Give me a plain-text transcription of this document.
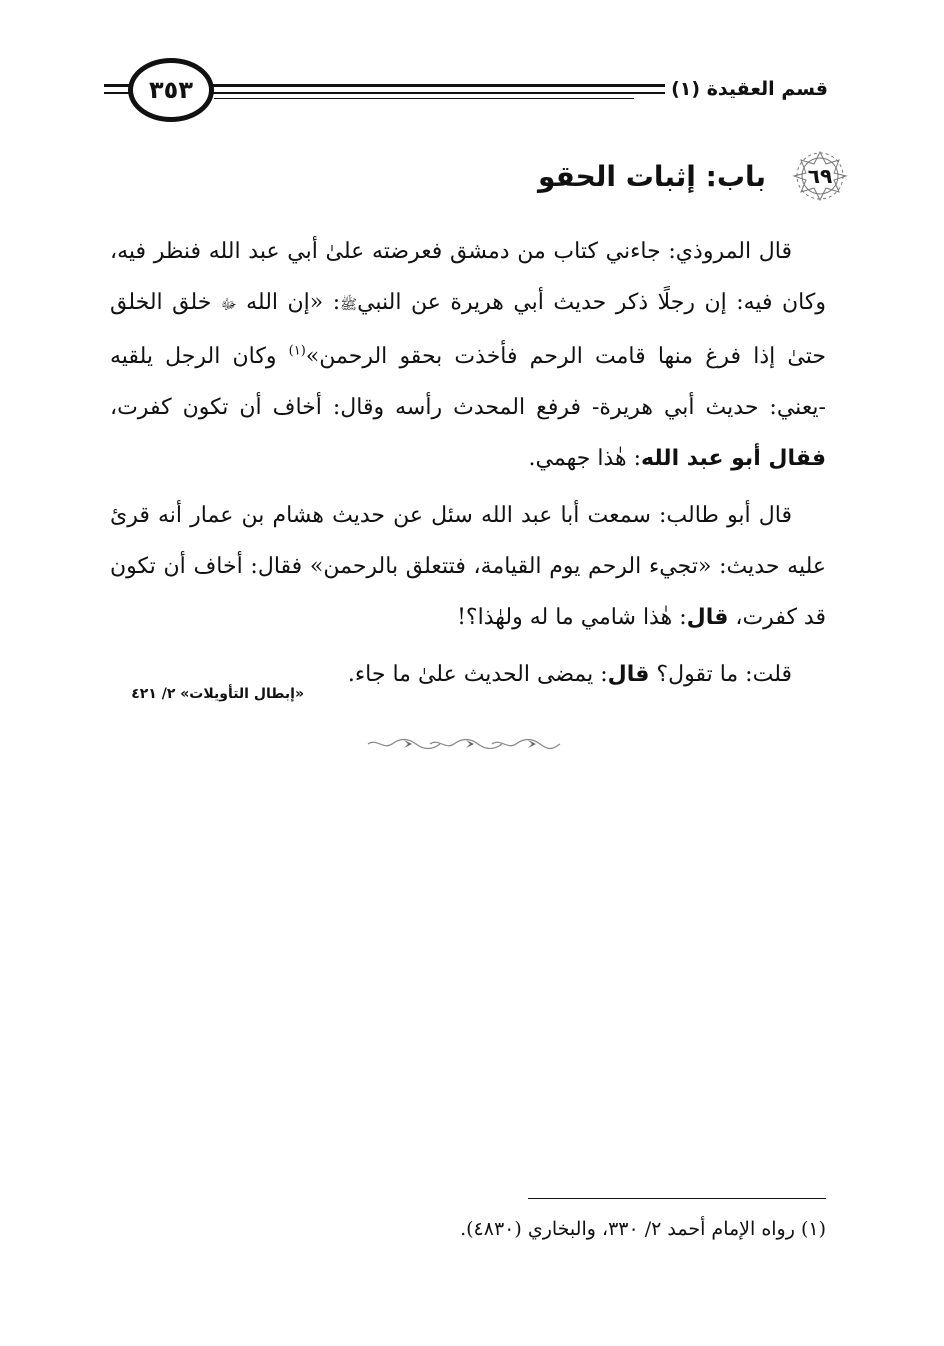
قسم العقيدة (١)
٣٥٣
٦٩
باب: إثبات الحقو

قال المروذي: جاءني كتاب من دمشق فعرضته علىٰ أبي عبد الله فنظر فيه، وكان فيه: إن رجلًا ذكر حديث أبي هريرة عن النبيﷺ: «إن الله ﷻ خلق الخلق حتىٰ إذا فرغ منها قامت الرحم فأخذت بحقو الرحمن»$^{(١)}$ وكان الرجل يلقيه -يعني: حديث أبي هريرة- فرفع المحدث رأسه وقال: أخاف أن تكون كفرت، فقال أبو عبد الله: هٰذا جهمي.

قال أبو طالب: سمعت أبا عبد الله سئل عن حديث هشام بن عمار أنه قرئ عليه حديث: «تجيء الرحم يوم القيامة، فتتعلق بالرحمن» فقال: أخاف أن تكون قد كفرت، قال: هٰذا شامي ما له ولهٰذا؟!

قلت: ما تقول؟ قال: يمضى الحديث علىٰ ما جاء.

«إبطال التأويلات» ٢/ ٤٢١
(١) رواه الإمام أحمد ٢/ ٣٣٠، والبخاري (٤٨٣٠).
